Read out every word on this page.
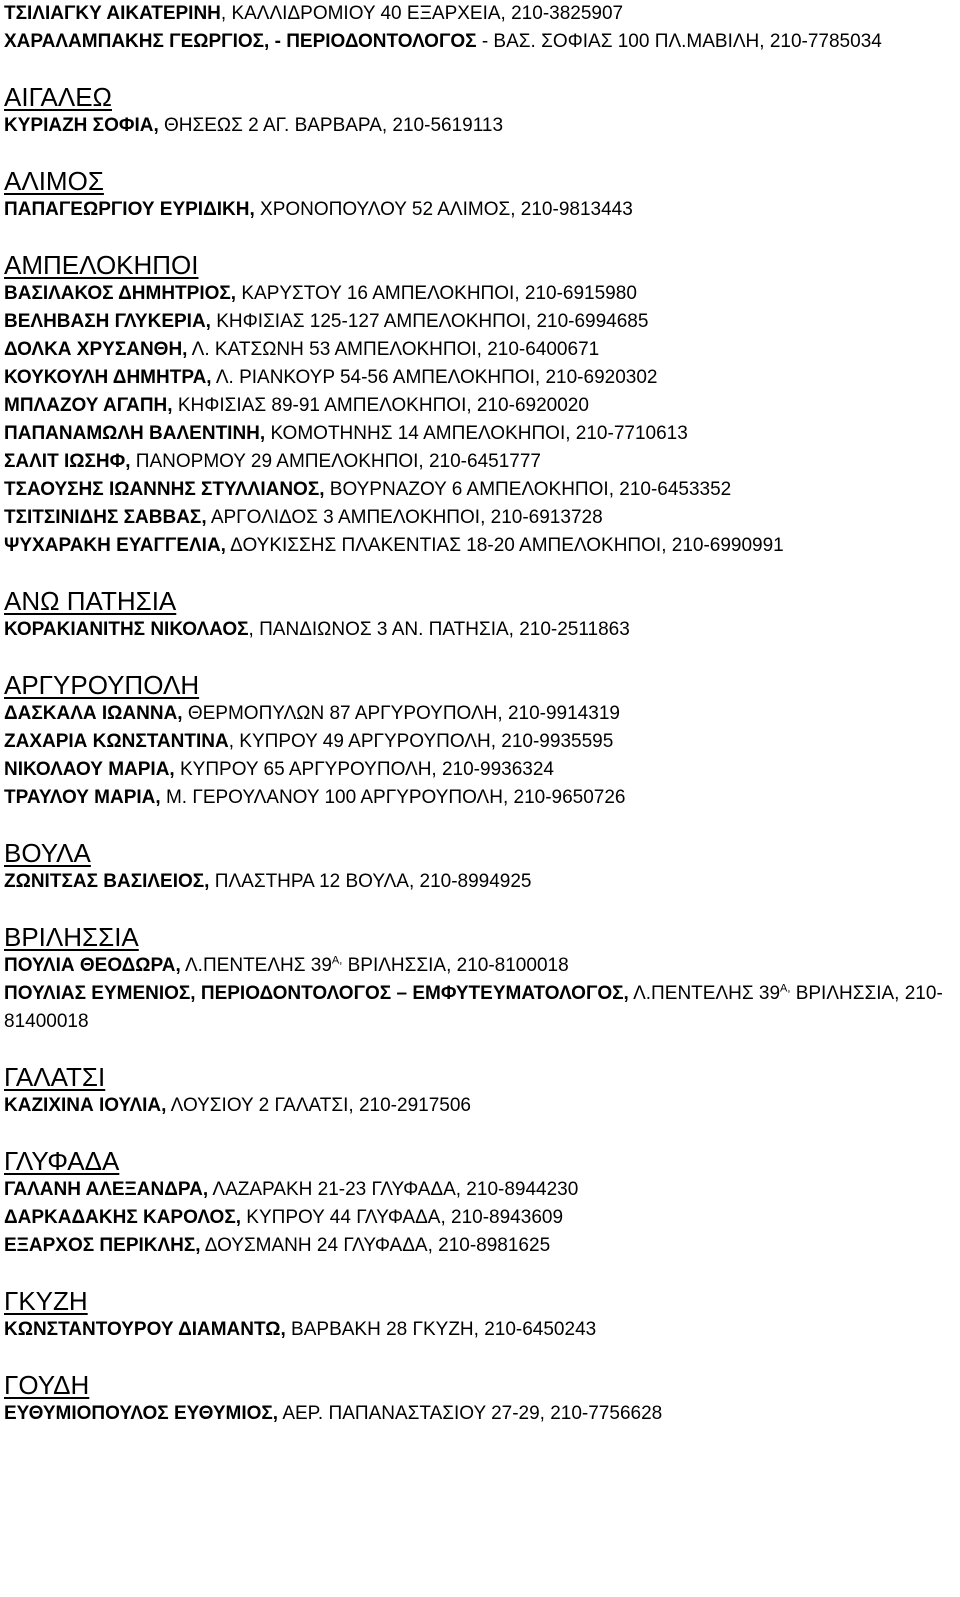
ΤΣΙΛΙΑΓΚΥ ΑΙΚΑΤΕΡΙΝΗ, ΚΑΛΛΙΔΡΟΜΙΟΥ 40 ΕΞΑΡΧΕΙΑ, 210-3825907
ΧΑΡΑΛΑΜΠΑΚΗΣ ΓΕΩΡΓΙΟΣ, - ΠΕΡΙΟΔΟΝΤΟΛΟΓΟΣ - ΒΑΣ. ΣΟΦΙΑΣ 100 ΠΛ.ΜΑΒΙΛΗ, 210-7785034
ΑΙΓΑΛΕΩ
ΚΥΡΙΑΖΗ ΣΟΦΙΑ, ΘΗΣΕΩΣ 2 ΑΓ. ΒΑΡΒΑΡΑ, 210-5619113
ΑΛΙΜΟΣ
ΠΑΠΑΓΕΩΡΓΙΟΥ ΕΥΡΙΔΙΚΗ, ΧΡΟΝΟΠΟΥΛΟΥ 52 ΑΛΙΜΟΣ, 210-9813443
ΑΜΠΕΛΟΚΗΠΟΙ
ΒΑΣΙΛΑΚΟΣ ΔΗΜΗΤΡΙΟΣ, ΚΑΡΥΣΤΟΥ 16 ΑΜΠΕΛΟΚΗΠΟΙ, 210-6915980
ΒΕΛΗΒΑΣΗ ΓΛΥΚΕΡΙΑ, ΚΗΦΙΣΙΑΣ 125-127 ΑΜΠΕΛΟΚΗΠΟΙ, 210-6994685
ΔΟΛΚΑ ΧΡΥΣΑΝΘΗ, Λ. ΚΑΤΣΩΝΗ 53 ΑΜΠΕΛΟΚΗΠΟΙ, 210-6400671
ΚΟΥΚΟΥΛΗ ΔΗΜΗΤΡΑ, Λ. ΡΙΑΝΚΟΥΡ 54-56 ΑΜΠΕΛΟΚΗΠΟΙ, 210-6920302
ΜΠΛΑΖΟΥ ΑΓΑΠΗ, ΚΗΦΙΣΙΑΣ 89-91 ΑΜΠΕΛΟΚΗΠΟΙ, 210-6920020
ΠΑΠΑΝΑΜΩΛΗ ΒΑΛΕΝΤΙΝΗ, ΚΟΜΟΤΗΝΗΣ 14 ΑΜΠΕΛΟΚΗΠΟΙ, 210-7710613
ΣΑΛΙΤ ΙΩΣΗΦ, ΠΑΝΟΡΜΟΥ 29 ΑΜΠΕΛΟΚΗΠΟΙ, 210-6451777
ΤΣΑΟΥΣΗΣ ΙΩΑΝΝΗΣ ΣΤΥΛΛΙΑΝΟΣ, ΒΟΥΡΝΑΖΟΥ 6 ΑΜΠΕΛΟΚΗΠΟΙ, 210-6453352
ΤΣΙΤΣΙΝΙΔΗΣ ΣΑΒΒΑΣ, ΑΡΓΟΛΙΔΟΣ 3 ΑΜΠΕΛΟΚΗΠΟΙ, 210-6913728
ΨΥΧΑΡΑΚΗ ΕΥΑΓΓΕΛΙΑ, ΔΟΥΚΙΣΣΗΣ ΠΛΑΚΕΝΤΙΑΣ 18-20 ΑΜΠΕΛΟΚΗΠΟΙ, 210-6990991
ΑΝΩ ΠΑΤΗΣΙΑ
ΚΟΡΑΚΙΑΝΙΤΗΣ ΝΙΚΟΛΑΟΣ, ΠΑΝΔΙΩΝΟΣ 3 ΑΝ. ΠΑΤΗΣΙΑ, 210-2511863
ΑΡΓΥΡΟΥΠΟΛΗ
ΔΑΣΚΑΛΑ ΙΩΑΝΝΑ, ΘΕΡΜΟΠΥΛΩΝ 87 ΑΡΓΥΡΟΥΠΟΛΗ, 210-9914319
ΖΑΧΑΡΙΑ ΚΩΝΣΤΑΝΤΙΝΑ, ΚΥΠΡΟΥ 49 ΑΡΓΥΡΟΥΠΟΛΗ, 210-9935595
ΝΙΚΟΛΑΟΥ ΜΑΡΙΑ, ΚΥΠΡΟΥ 65 ΑΡΓΥΡΟΥΠΟΛΗ, 210-9936324
ΤΡΑΥΛΟΥ ΜΑΡΙΑ, Μ. ΓΕΡΟΥΛΑΝΟΥ 100 ΑΡΓΥΡΟΥΠΟΛΗ, 210-9650726
ΒΟΥΛΑ
ΖΩΝΙΤΣΑΣ ΒΑΣΙΛΕΙΟΣ, ΠΛΑΣΤΗΡΑ 12 ΒΟΥΛΑ, 210-8994925
ΒΡΙΛΗΣΣΙΑ
ΠΟΥΛΙΑ ΘΕΟΔΩΡΑ, Λ.ΠΕΝΤΕΛΗΣ $39^{A,}$ ΒΡΙΛΗΣΣΙΑ, 210-8100018
ΠΟΥΛΙΑΣ ΕΥΜΕΝΙΟΣ, ΠΕΡΙΟΔΟΝΤΟΛΟΓΟΣ – ΕΜΦΥΤΕΥΜΑΤΟΛΟΓΟΣ, Λ.ΠΕΝΤΕΛΗΣ $39^{A,}$ ΒΡΙΛΗΣΣΙΑ, 210-81400018
ΓΑΛΑΤΣΙ
ΚΑΖΙΧΙΝΑ ΙΟΥΛΙΑ, ΛΟΥΣΙΟΥ 2 ΓΑΛΑΤΣΙ, 210-2917506
ΓΛΥΦΑΔΑ
ΓΑΛΑΝΗ ΑΛΕΞΑΝΔΡΑ, ΛΑΖΑΡΑΚΗ 21-23 ΓΛΥΦΑΔΑ, 210-8944230
ΔΑΡΚΑΔΑΚΗΣ ΚΑΡΟΛΟΣ, ΚΥΠΡΟΥ 44 ΓΛΥΦΑΔΑ, 210-8943609
ΕΞΑΡΧΟΣ ΠΕΡΙΚΛΗΣ, ΔΟΥΣΜΑΝΗ 24 ΓΛΥΦΑΔΑ, 210-8981625
ΓΚΥΖΗ
ΚΩΝΣΤΑΝΤΟΥΡΟΥ ΔΙΑΜΑΝΤΩ, ΒΑΡΒΑΚΗ 28 ΓΚΥΖΗ, 210-6450243
ΓΟΥΔΗ
ΕΥΘΥΜΙΟΠΟΥΛΟΣ ΕΥΘΥΜΙΟΣ, ΑΕΡ. ΠΑΠΑΝΑΣΤΑΣΙΟΥ 27-29, 210-7756628
